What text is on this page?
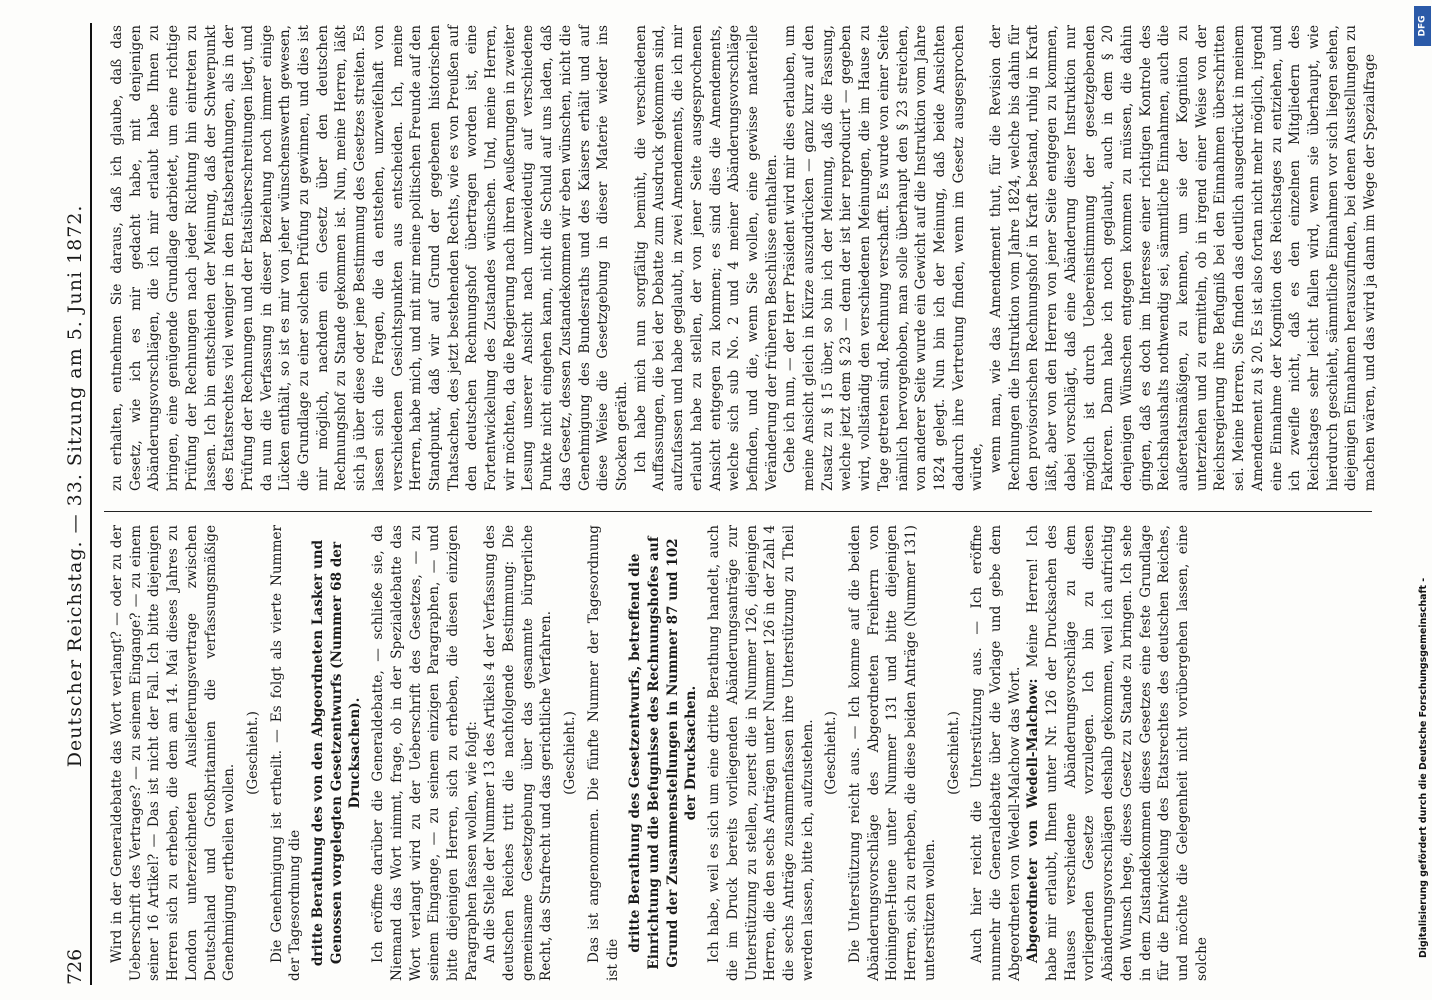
726
Deutscher Reichstag. — 33. Sitzung am 5. Juni 1872. Wird in der Generaldebatte das Wort verlangt? — oder zu der Ueberschrift des Vertrages? — zu seinem Eingange? — zu einem seiner 16 Artikel? — Das ist nicht der Fall. Ich bitte diejenigen Herren sich zu erheben, die dem am 14. Mai dieses Jahres zu London unterzeichneten Auslieferungsvertrage zwischen Deutschland und Großbritannien die verfassungsmäßige Genehmigung ertheilen wollen.

(Geschieht.) Die Genehmigung ist ertheilt. — Es folgt als vierte Nummer der Tagesordnung die dritte Berathung des von den Abgeordneten Lasker und Genossen vorgelegten Gesetzentwurfs (Nummer 68 der Drucksachen). Ich eröffne darüber die Generaldebatte, — schließe sie, da Niemand das Wort nimmt, frage, ob in der Spezialdebatte das Wort verlangt wird zu der Ueberschrift des Gesetzes, — zu seinem Eingange, — zu seinem einzigen Paragraphen, — und bitte diejenigen Herren, sich zu erheben, die diesen einzigen Paragraphen fassen wollen, wie folgt: An die Stelle der Nummer 13 des Artikels 4 der Verfassung des deutschen Reiches tritt die nachfolgende Bestimmung: Die gemeinsame Gesetzgebung über das gesammte bürgerliche Recht, das Strafrecht und das gerichtliche Verfahren. (Geschieht.) Das ist angenommen. Die fünfte Nummer der Tagesordnung ist die

dritte Berathung des Gesetzentwurfs, betreffend die Einrichtung und die Befugnisse des Rechnungshofes auf Grund der Zusammenstellungen in Nummer 87 und 102 der Drucksachen. Ich habe, weil es sich um eine dritte Berathung handelt, auch die im Druck bereits vorliegenden Abänderungsanträge zur Unterstützung zu stellen, zuerst die in Nummer 126, diejenigen Herren, die den sechs Anträgen unter Nummer 126 in der Zahl 4 die sechs Anträge zusammenfassen ihre Unterstützung zu Theil werden lassen, bitte ich, aufzustehen. (Geschieht.) Die Unterstützung reicht aus. — Ich komme auf die beiden Abänderungsvorschläge des Abgeordneten Freiherrn von Hoiningen-Huene unter Nummer 131 und bitte diejenigen Herren, sich zu erheben, die diese beiden Anträge (Nummer 131) unterstützen wollen.

(Geschieht.) Auch hier reicht die Unterstützung aus. — Ich eröffne nunmehr die Generaldebatte über die Vorlage und gebe dem Abgeordneten von Wedell-Malchow das Wort. Abgeordneter von Wedell-Malchow: Meine Herren! Ich habe mir erlaubt, Ihnen unter Nr. 126 der Drucksachen des Hauses verschiedene Abänderungsvorschläge zu dem vorliegenden Gesetze vorzulegen. Ich bin zu diesen Abänderungsvorschlägen deshalb gekommen, weil ich aufrichtig den Wunsch hege, dieses Gesetz zu Stande zu bringen. Ich sehe in dem Zustandekommen dieses Gesetzes eine feste Grundlage für die Entwickelung des Etatsrechtes des deutschen Reiches, und möchte die Gelegenheit nicht vorübergehen lassen, eine solche

zu erhalten, entnehmen Sie daraus, daß ich glaube, daß das Gesetz, wie ich es mir gedacht habe, mit denjenigen Abänderungsvorschlägen, die ich mir erlaubt habe Ihnen zu bringen, eine genügende Grundlage darbietet, um eine richtige Prüfung der Rechnungen nach jeder Richtung hin eintreten zu lassen. Ich bin entschieden der Meinung, daß der Schwerpunkt des Etatsrechtes viel weniger in den Etatsberathungen, als in der Prüfung der Rechnungen und der Etatsüberschreitungen liegt, und da nun die Verfassung in dieser Beziehung noch immer einige Lücken enthält, so ist es mir von jeher wünschenswerth gewesen, die Grundlage zu einer solchen Prüfung zu gewinnen, und dies ist mir möglich, nachdem ein Gesetz über den deutschen Rechnungshof zu Stande gekommen ist. Nun, meine Herren, läßt sich ja über diese oder jene Bestimmung des Gesetzes streiten. Es lassen sich die Fragen, die da entstehen, unzweifelhaft von verschiedenen Gesichtspunkten aus entscheiden. Ich, meine Herren, habe mich, und mit mir meine politischen Freunde auf den Standpunkt, daß wir auf Grund der gegebenen historischen Thatsachen, des jetzt bestehenden Rechts, wie es von Preußen auf den deutschen Rechnungshof übertragen worden ist, eine Fortentwickelung des Zustandes wünschen. Und, meine Herren, wir möchten, da die Regierung nach ihren Aeußerungen in zweiter Lesung unserer Ansicht nach unzweideutig auf verschiedene Punkte nicht eingehen kann, nicht die Schuld auf uns laden, daß das Gesetz, dessen Zustandekommen wir eben wünschen, nicht die Genehmigung des Bundesraths und des Kaisers erhält und auf diese Weise die Gesetzgebung in dieser Materie wieder ins Stocken geräth. Ich habe mich nun sorgfältig bemüht, die verschiedenen Auffassungen, die bei der Debatte zum Ausdruck gekommen sind, aufzufassen und habe geglaubt, in zwei Amendements, die ich mir erlaubt habe zu stellen, der von jener Seite ausgesprochenen Ansicht entgegen zu kommen; es sind dies die Amendements, welche sich sub No. 2 und 4 meiner Abänderungsvorschläge befinden, und die, wenn Sie wollen, eine gewisse materielle Veränderung der früheren Beschlüsse enthalten. Gehe ich nun, — der Herr Präsident wird mir dies erlauben, um meine Ansicht gleich in Kürze auszudrücken — ganz kurz auf den Zusatz zu § 15 über, so bin ich der Meinung, daß die Fassung, welche jetzt dem § 23 — denn der ist hier reproducirt — gegeben wird, vollständig den verschiedenen Meinungen, die im Hause zu Tage getreten sind, Rechnung verschafft. Es wurde von einer Seite nämlich hervorgehoben, man solle überhaupt den § 23 streichen, von anderer Seite wurde ein Gewicht auf die Instruktion vom Jahre 1824 gelegt. Nun bin ich der Meinung, daß beide Ansichten dadurch ihre Vertretung finden, wenn im Gesetz ausgesprochen würde, wenn man, wie das Amendement thut, für die Revision der Rechnungen die Instruktion vom Jahre 1824, welche bis dahin für den provisorischen Rechnungshof in Kraft bestand, ruhig in Kraft läßt, aber von den Herren von jener Seite entgegen zu kommen, dabei vorschlägt, daß eine Abänderung dieser Instruktion nur möglich ist durch Uebereinstimmung der gesetzgebenden Faktoren. Dann habe ich noch geglaubt, auch in dem § 20 denjenigen Wünschen entgegen kommen zu müssen, die dahin gingen, daß es doch im Interesse einer richtigen Kontrole des Reichshaushalts nothwendig sei, sämmtliche Einnahmen, auch die außeretatsmäßigen, zu kennen, um sie der Kognition zu unterziehen und zu ermitteln, ob in irgend einer Weise von der Reichsregierung ihre Befugniß bei den Einnahmen überschritten sei. Meine Herren, Sie finden das deutlich ausgedrückt in meinem Amendement zu § 20. Es ist also fortan nicht mehr möglich, irgend eine Einnahme der Kognition des Reichstages zu entziehen, und ich zweifle nicht, daß es den einzelnen Mitgliedern des Reichstages sehr leicht fallen wird, wenn sie überhaupt, wie hierdurch geschieht, sämmtliche Einnahmen vor sich liegen sehen, diejenigen Einnahmen herauszufinden, bei denen Ausstellungen zu machen wären, und das wird ja dann im Wege der Spezialfrage

Digitalisierung gefördert durch die Deutsche Forschungsgemeinschaft -
DFG
